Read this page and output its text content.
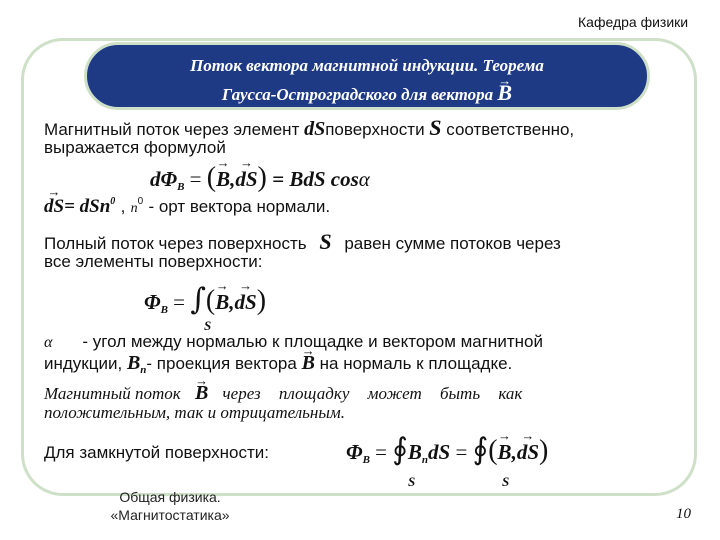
Кафедра физики
Поток вектора магнитной индукции. Теорема
Гаусса-Остроградского для вектора → B
Магнитный поток через элемент dSповерхности S соответственно,
выражается формулой
$d\Phi_B$ = (→ B,→ dS) = BdS cosα
→ dS= dSn$^0$ , $n^0$ - орт вектора нормали.
Полный поток через поверхность S равен сумме потоков через
все элементы поверхности:
$\Phi_B$ = ∫(→ B,→ dS)
S
α - угол между нормалью к площадке и вектором магнитной
индукции, $B_n-$ проекция вектора → B на нормаль к площадке.
Магнитный поток → B через площадку может быть как
положительным, так и отрицательным.
Для замкнутой поверхности:	$\Phi_B$ = $∮B_ndS$ = ∮(→ B,→ dS)
S	S
Общая физика.
«Магнитостатика»	10
